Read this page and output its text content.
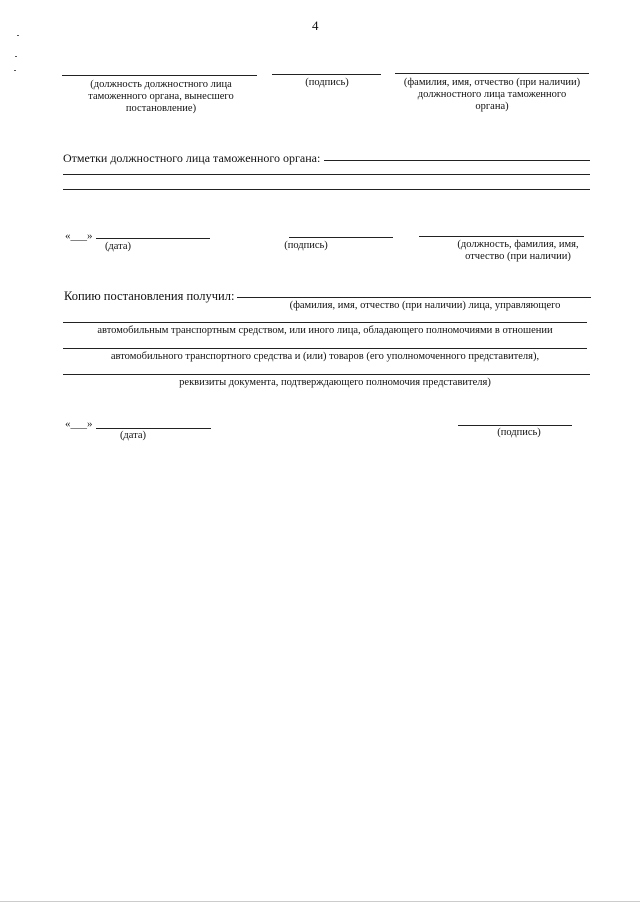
4
(должность должностного лица таможенного органа, вынесшего постановление)
(подпись)	(фамилия, имя, отчество (при наличии) должностного лица таможенного органа)
Отметки должностного лица таможенного органа:
«___»
(дата)	(подпись)	(должность, фамилия, имя, отчество (при наличии)
Копию постановления получил:
(фамилия, имя, отчество (при наличии) лица, управляющего
автомобильным транспортным средством, или иного лица, обладающего полномочиями в отношении
автомобильного транспортного средства и (или) товаров (его уполномоченного представителя),
реквизиты документа, подтверждающего полномочия представителя)
«___»
(дата)	(подпись)
